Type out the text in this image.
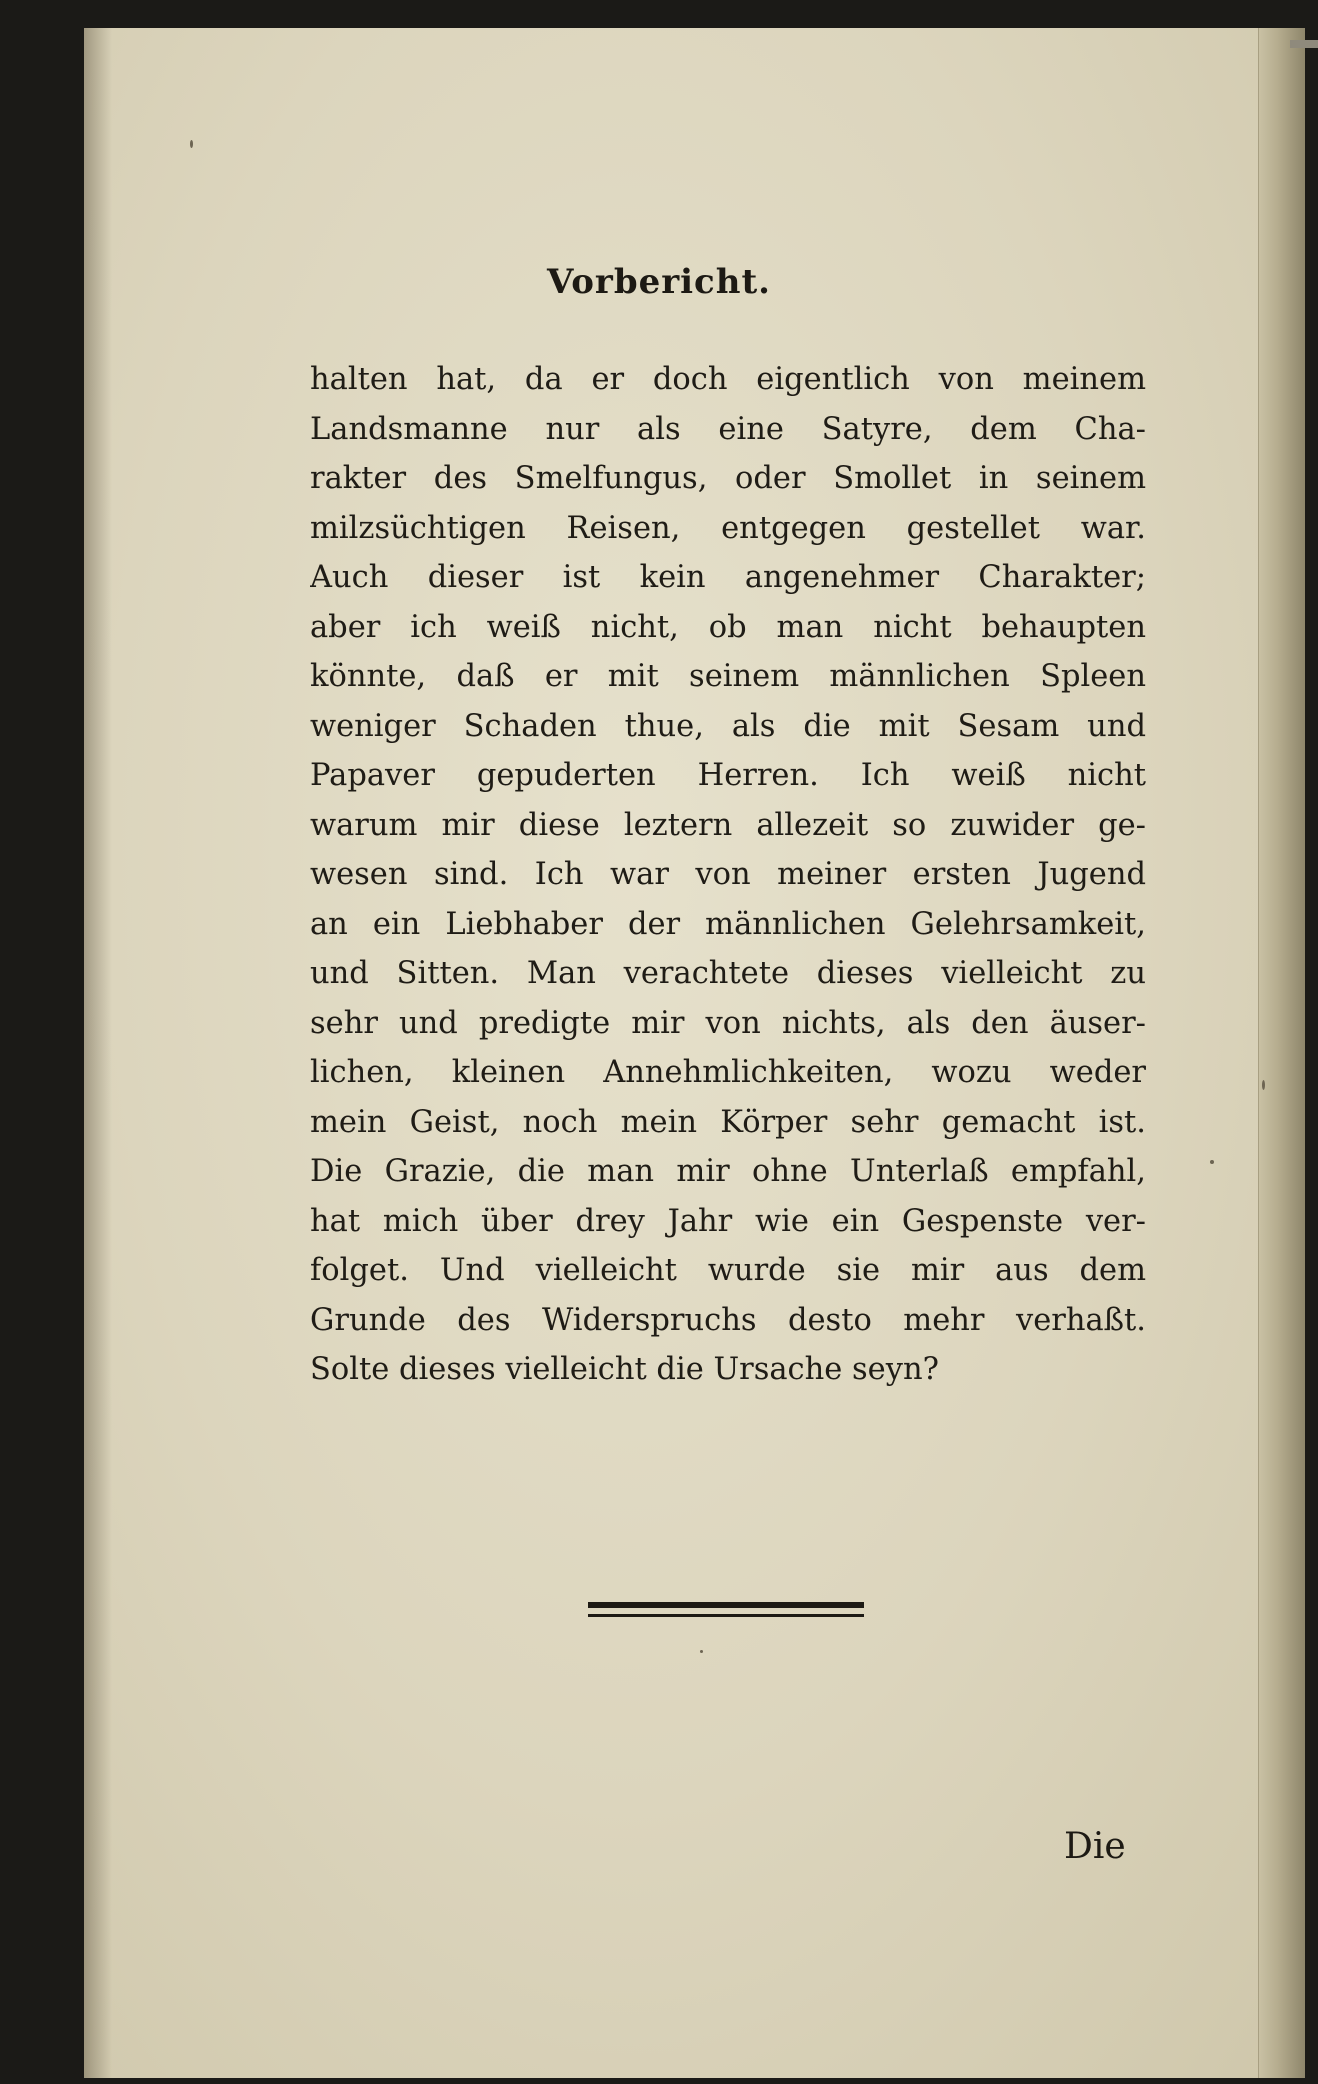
Vorbericht.
halten hat, da er doch eigentlich von meinem
Landsmanne nur als eine Satyre, dem Cha-
rakter des Smelfungus, oder Smollet in seinem
milzsüchtigen Reisen, entgegen gestellet war.
Auch dieser ist kein angenehmer Charakter;
aber ich weiß nicht, ob man nicht behaupten
könnte, daß er mit seinem männlichen Spleen
weniger Schaden thue, als die mit Sesam und
Papaver gepuderten Herren. Ich weiß nicht
warum mir diese leztern allezeit so zuwider ge-
wesen sind. Ich war von meiner ersten Jugend
an ein Liebhaber der männlichen Gelehrsamkeit,
und Sitten. Man verachtete dieses vielleicht zu
sehr und predigte mir von nichts, als den äuser-
lichen, kleinen Annehmlichkeiten, wozu weder
mein Geist, noch mein Körper sehr gemacht ist.
Die Grazie, die man mir ohne Unterlaß empfahl,
hat mich über drey Jahr wie ein Gespenste ver-
folget. Und vielleicht wurde sie mir aus dem
Grunde des Widerspruchs desto mehr verhaßt.
Solte dieses vielleicht die Ursache seyn?
Die
